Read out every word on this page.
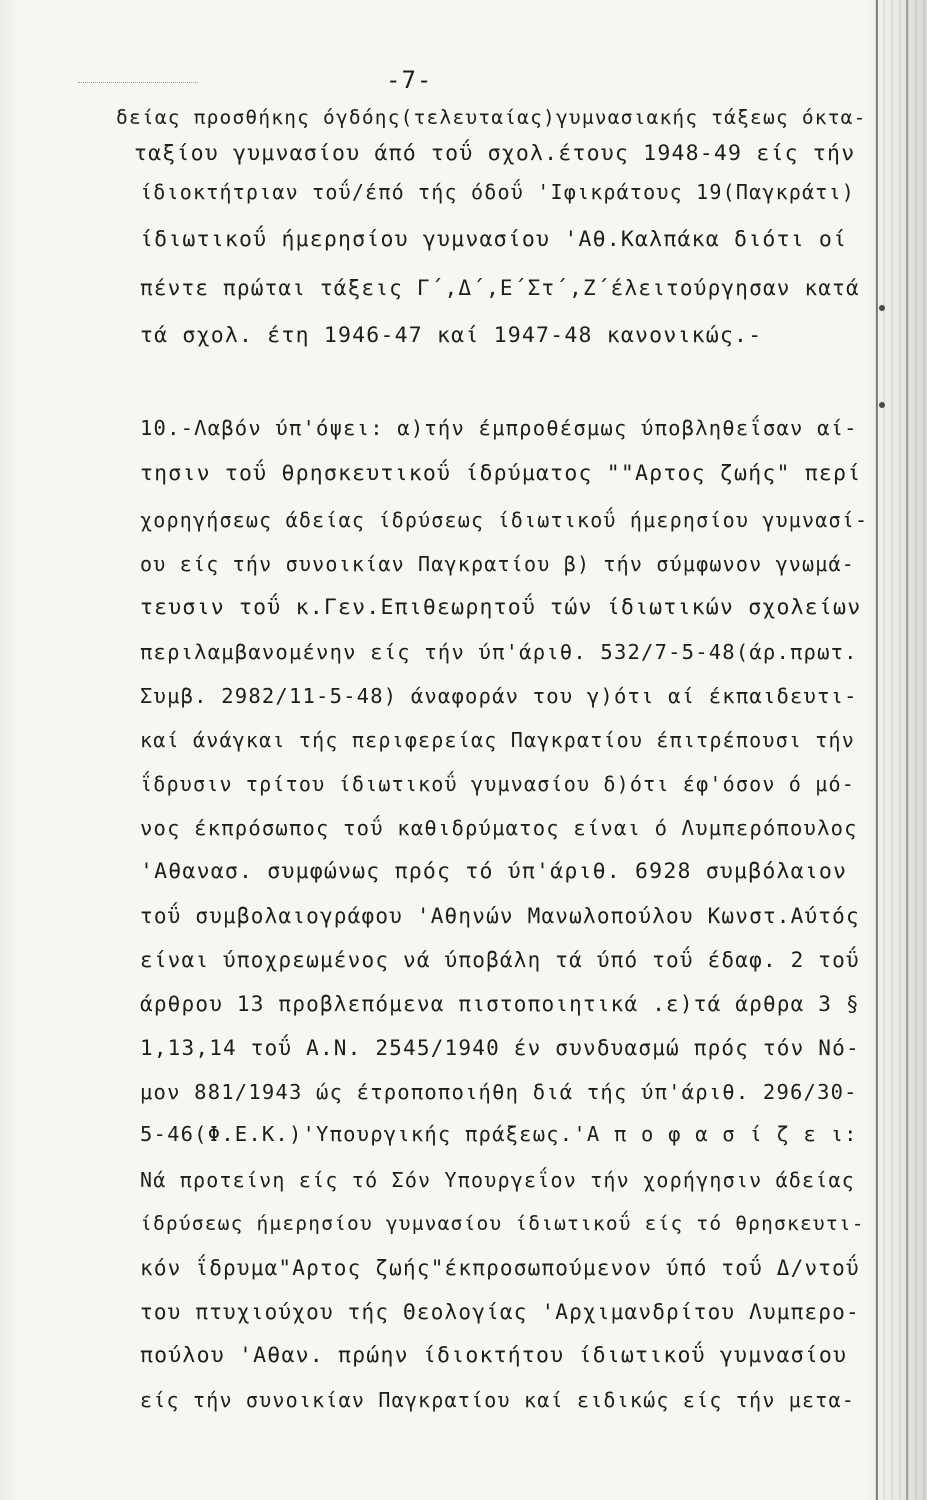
-7-
δείας προσθήκης όγδόης(τελευταίας)γυμνασιακής τάξεως όκτα-
ταξίου γυμνασίου άπό τοΰ σχολ.έτους 1948-49 είς τήν
ίδιοκτήτριαν τοΰ/έπό τής όδοΰ 'Ιφικράτους 19(Παγκράτι)
ίδιωτικοΰ ήμερησίου γυμνασίου 'Αθ.Καλπάκα διότι οί
πέντε πρώται τάξεις Γ΄,Δ΄,Ε΄Στ΄,Ζ΄έλειτούργησαν κατά
τά σχολ. έτη 1946-47 καί 1947-48 κανονικώς.-
10.-Λαβόν ύπ'όψει: α)τήν έμπροθέσμως ύποβληθεΐσαν αί-
τησιν τοΰ θρησκευτικοΰ ίδρύματος ""Αρτος ζωής" περί
χορηγήσεως άδείας ίδρύσεως ίδιωτικοΰ ήμερησίου γυμνασί-
ου είς τήν συνοικίαν Παγκρατίου β) τήν σύμφωνον γνωμά-
τευσιν τοΰ κ.Γεν.Επιθεωρητοΰ τών ίδιωτικών σχολείων
περιλαμβανομένην είς τήν ύπ'άριθ. 532/7-5-48(άρ.πρωτ.
Συμβ. 2982/11-5-48) άναφοράν του γ)ότι αί έκπαιδευτι-
καί άνάγκαι τής περιφερείας Παγκρατίου έπιτρέπουσι τήν
ΐδρυσιν τρίτου ίδιωτικοΰ γυμνασίου δ)ότι έφ'όσον ό μό-
νος έκπρόσωπος τοΰ καθιδρύματος είναι ό Λυμπερόπουλος
'Αθανασ. συμφώνως πρός τό ύπ'άριθ. 6928 συμβόλαιον
τοΰ συμβολαιογράφου 'Αθηνών Μανωλοπούλου Κωνστ.Αύτός
είναι ύποχρεωμένος νά ύποβάλη τά ύπό τοΰ έδαφ. 2 τοΰ
άρθρου 13 προβλεπόμενα πιστοποιητικά .ε)τά άρθρα 3 §
1,13,14 τοΰ Α.Ν. 2545/1940 έν συνδυασμώ πρός τόν Νό-
μον 881/1943 ώς έτροποποιήθη διά τής ύπ'άριθ. 296/30-
5-46(Φ.Ε.Κ.)'Υπουργικής πράξεως.'Α π ο φ α σ ί ζ ε ι:
Νά προτείνη είς τό Σόν Υπουργεΐον τήν χορήγησιν άδείας
ίδρύσεως ήμερησίου γυμνασίου ίδιωτικοΰ είς τό θρησκευτι-
κόν ΐδρυμα"Αρτος ζωής"έκπροσωπούμενον ύπό τοΰ Δ/ντοΰ
του πτυχιούχου τής Θεολογίας 'Αρχιμανδρίτου Λυμπερο-
πούλου 'Αθαν. πρώην ίδιοκτήτου ίδιωτικοΰ γυμνασίου
είς τήν συνοικίαν Παγκρατίου καί ειδικώς είς τήν μετα-
